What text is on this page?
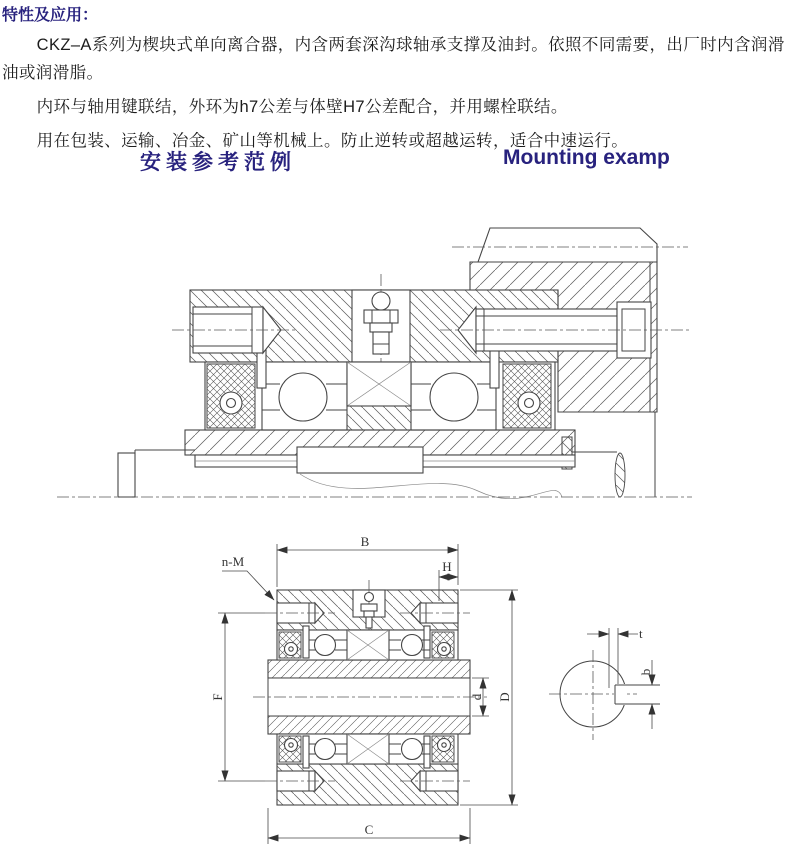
特性及应用：

CKZ–A系列为楔块式单向离合器，内含两套深沟球轴承支撑及油封。依照不同需要，出厂时内含润滑油或润滑脂。

内环与轴用键联结，外环为h7公差与体壁H7公差配合，并用螺栓联结。

用在包装、运输、冶金、矿山等机械上。防止逆转或超越运转，适合中速运行。

安装参考范例	Mounting examp
B
H
n-M
F	d D
C
t
b
